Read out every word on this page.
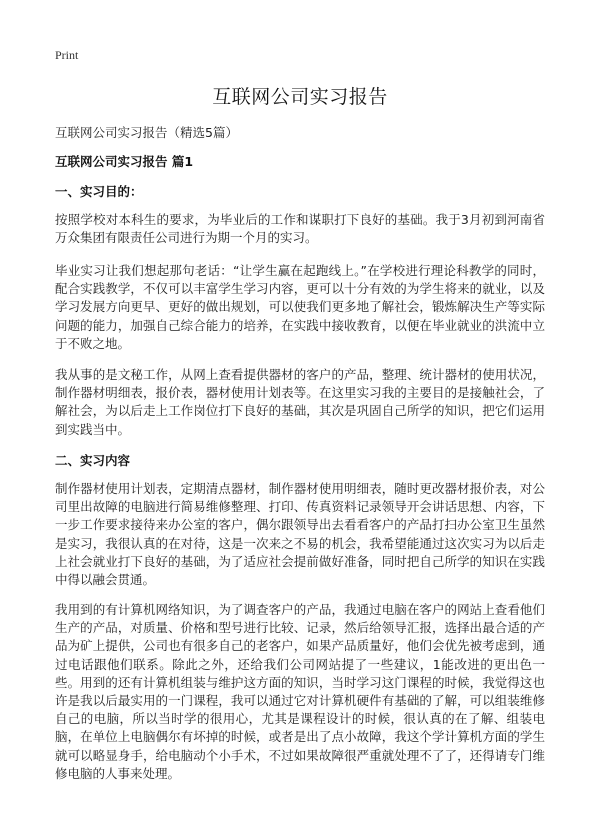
Print
互联网公司实习报告
互联网公司实习报告（精选5篇）
互联网公司实习报告 篇1
一、实习目的：

按照学校对本科生的要求，为毕业后的工作和谋职打下良好的基础。我于3月初到河南省万众集团有限责任公司进行为期一个月的实习。

毕业实习让我们想起那句老话：“让学生赢在起跑线上。”在学校进行理论科教学的同时，配合实践教学，不仅可以丰富学生学习内容，更可以十分有效的为学生将来的就业，以及学习发展方向更早、更好的做出规划，可以使我们更多地了解社会，锻炼解决生产等实际问题的能力，加强自己综合能力的培养，在实践中接收教育，以便在毕业就业的洪流中立于不败之地。

我从事的是文秘工作，从网上查看提供器材的客户的产品，整理、统计器材的使用状况，制作器材明细表，报价表，器材使用计划表等。在这里实习我的主要目的是接触社会，了解社会，为以后走上工作岗位打下良好的基础，其次是巩固自己所学的知识，把它们运用到实践当中。

二、实习内容

制作器材使用计划表，定期清点器材，制作器材使用明细表，随时更改器材报价表，对公司里出故障的电脑进行简易维修整理、打印、传真资料记录领导开会讲话思想、内容，下一步工作要求接待来办公室的客户，偶尔跟领导出去看看客户的产品打扫办公室卫生虽然是实习，我很认真的在对待，这是一次来之不易的机会，我希望能通过这次实习为以后走上社会就业打下良好的基础，为了适应社会提前做好准备，同时把自己所学的知识在实践中得以融会贯通。

我用到的有计算机网络知识，为了调查客户的产品，我通过电脑在客户的网站上查看他们生产的产品，对质量、价格和型号进行比较、记录，然后给领导汇报，选择出最合适的产品为矿上提供，公司也有很多自己的老客户，如果产品质量好，他们会优先被考虑到，通过电话跟他们联系。除此之外，还给我们公司网站提了一些建议，1能改进的更出色一些。用到的还有计算机组装与维护这方面的知识，当时学习这门课程的时候，我觉得这也许是我以后最实用的一门课程，我可以通过它对计算机硬件有基础的了解，可以组装维修自己的电脑，所以当时学的很用心，尤其是课程设计的时候，很认真的在了解、组装电脑，在单位上电脑偶尔有坏掉的时候，或者是出了点小故障，我这个学计算机方面的学生就可以略显身手，给电脑动个小手术，不过如果故障很严重就处理不了了，还得请专门维修电脑的人事来处理。
